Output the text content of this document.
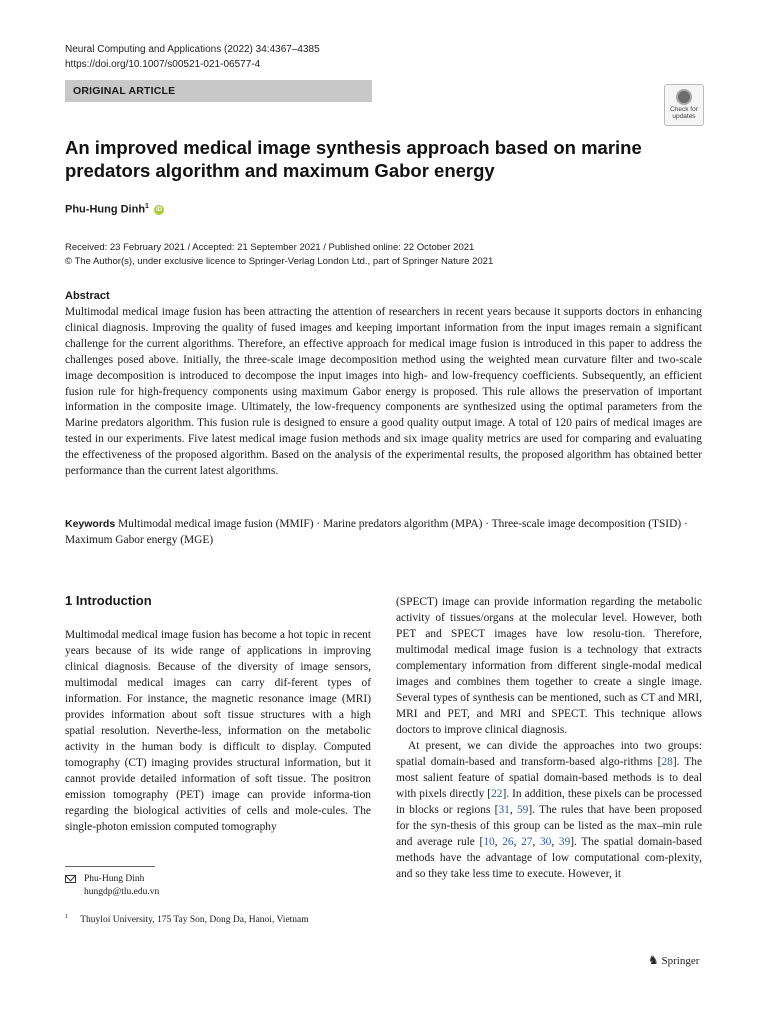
Neural Computing and Applications (2022) 34:4367–4385
https://doi.org/10.1007/s00521-021-06577-4
ORIGINAL ARTICLE
Check for
updates
An improved medical image synthesis approach based on marine predators algorithm and maximum Gabor energy
Phu-Hung Dinh$^1$ iD
Received: 23 February 2021 / Accepted: 21 September 2021 / Published online: 22 October 2021
© The Author(s), under exclusive licence to Springer-Verlag London Ltd., part of Springer Nature 2021
Abstract
Multimodal medical image fusion has been attracting the attention of researchers in recent years because it supports doctors in enhancing clinical diagnosis. Improving the quality of fused images and keeping important information from the input images remain a significant challenge for the current algorithms. Therefore, an effective approach for medical image fusion is introduced in this paper to address the challenges posed above. Initially, the three-scale image decomposition method using the weighted mean curvature filter and two-scale image decomposition is introduced to decompose the input images into high- and low-frequency coefficients. Subsequently, an efficient fusion rule for high-frequency components using maximum Gabor energy is proposed. This rule allows the preservation of important information in the composite image. Ultimately, the low-frequency components are synthesized using the optimal parameters from the Marine predators algorithm. This fusion rule is designed to ensure a good quality output image. A total of 120 pairs of medical images are tested in our experiments. Five latest medical image fusion methods and six image quality metrics are used for comparing and evaluating the effectiveness of the proposed algorithm. Based on the analysis of the experimental results, the proposed algorithm has obtained better performance than the current latest algorithms.
Keywords Multimodal medical image fusion (MMIF) · Marine predators algorithm (MPA) · Three-scale image decomposition (TSID) · Maximum Gabor energy (MGE)
1 Introduction

Multimodal medical image fusion has become a hot topic in recent years because of its wide range of applications in improving clinical diagnosis. Because of the diversity of image sensors, multimodal medical images can carry dif-ferent types of information. For instance, the magnetic resonance image (MRI) provides information about soft tissue structures with a high spatial resolution. Neverthe-less, information on the metabolic activity in the human body is difficult to display. Computed tomography (CT) imaging provides structural information, but it cannot provide detailed information of soft tissue. The positron emission tomography (PET) image can provide informa-tion regarding the biological activities of cells and mole-cules. The single-photon emission computed tomography

(SPECT) image can provide information regarding the metabolic activity of tissues/organs at the molecular level. However, both PET and SPECT images have low resolu-tion. Therefore, multimodal medical image fusion is a technology that extracts complementary information from different single-modal medical images and combines them together to create a single image. Several types of synthesis can be mentioned, such as CT and MRI, MRI and PET, and MRI and SPECT. This technique allows doctors to improve clinical diagnosis.

At present, we can divide the approaches into two groups: spatial domain-based and transform-based algo-rithms [28]. The most salient feature of spatial domain-based methods is to deal with pixels directly [22]. In addition, these pixels can be processed in blocks or regions [31, 59]. The rules that have been proposed for the syn-thesis of this group can be listed as the max–min rule and average rule [10, 26, 27, 30, 39]. The spatial domain-based methods have the advantage of low computational com-plexity, and so they take less time to execute. However, it

Phu-Hung Dinh
hungdp@tlu.edu.vn
$^1$ Thuyloi University, 175 Tay Son, Dong Da, Hanoi, Vietnam
♞ Springer
